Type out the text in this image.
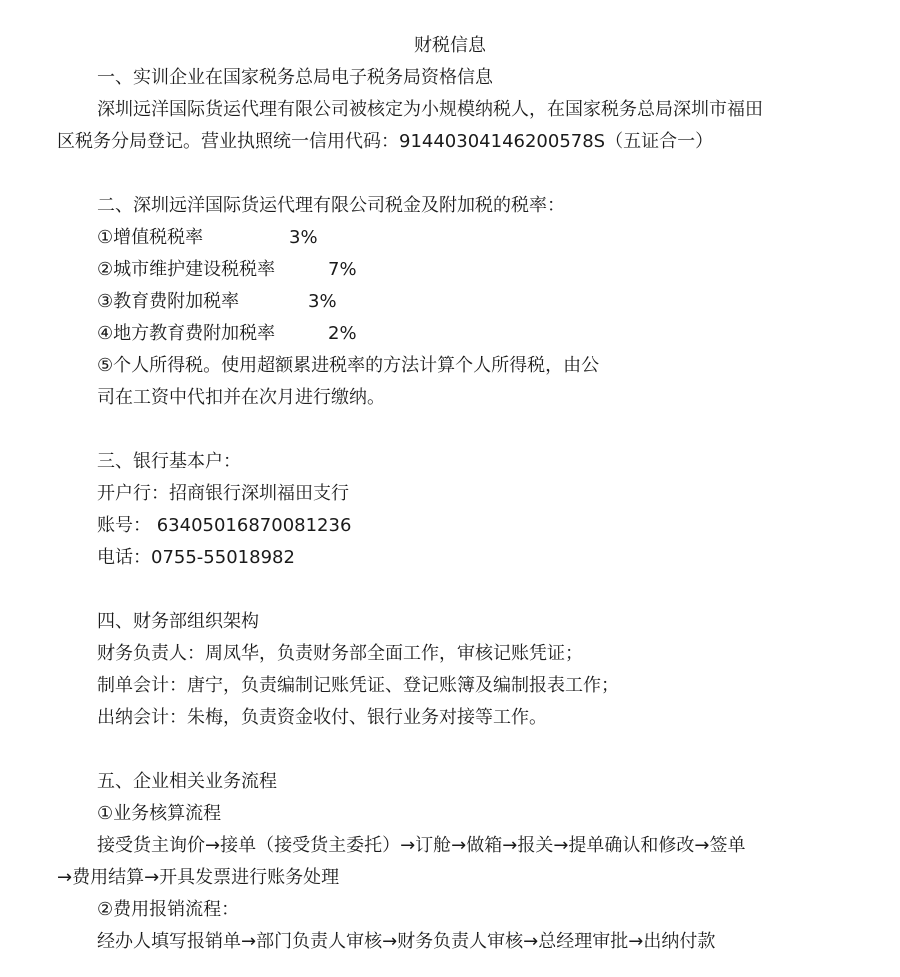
财税信息
一、实训企业在国家税务总局电子税务局资格信息
深圳远洋国际货运代理有限公司被核定为小规模纳税人，在国家税务总局深圳市福田
区税务分局登记。营业执照统一信用代码：91440304146200578S（五证合一）
二、深圳远洋国际货运代理有限公司税金及附加税的税率：
①增值税税率	3%
②城市维护建设税税率	7%
③教育费附加税率	3%
④地方教育费附加税率	2%
⑤个人所得税。使用超额累进税率的方法计算个人所得税，由公
司在工资中代扣并在次月进行缴纳。
三、银行基本户：
开户行：招商银行深圳福田支行
账号： 63405016870081236
电话：0755-55018982
四、财务部组织架构
财务负责人：周凤华，负责财务部全面工作，审核记账凭证；
制单会计：唐宁，负责编制记账凭证、登记账簿及编制报表工作；
出纳会计：朱梅，负责资金收付、银行业务对接等工作。
五、企业相关业务流程
①业务核算流程
接受货主询价→接单（接受货主委托）→订舱→做箱→报关→提单确认和修改→签单
→费用结算→开具发票进行账务处理
②费用报销流程：
经办人填写报销单→部门负责人审核→财务负责人审核→总经理审批→出纳付款
